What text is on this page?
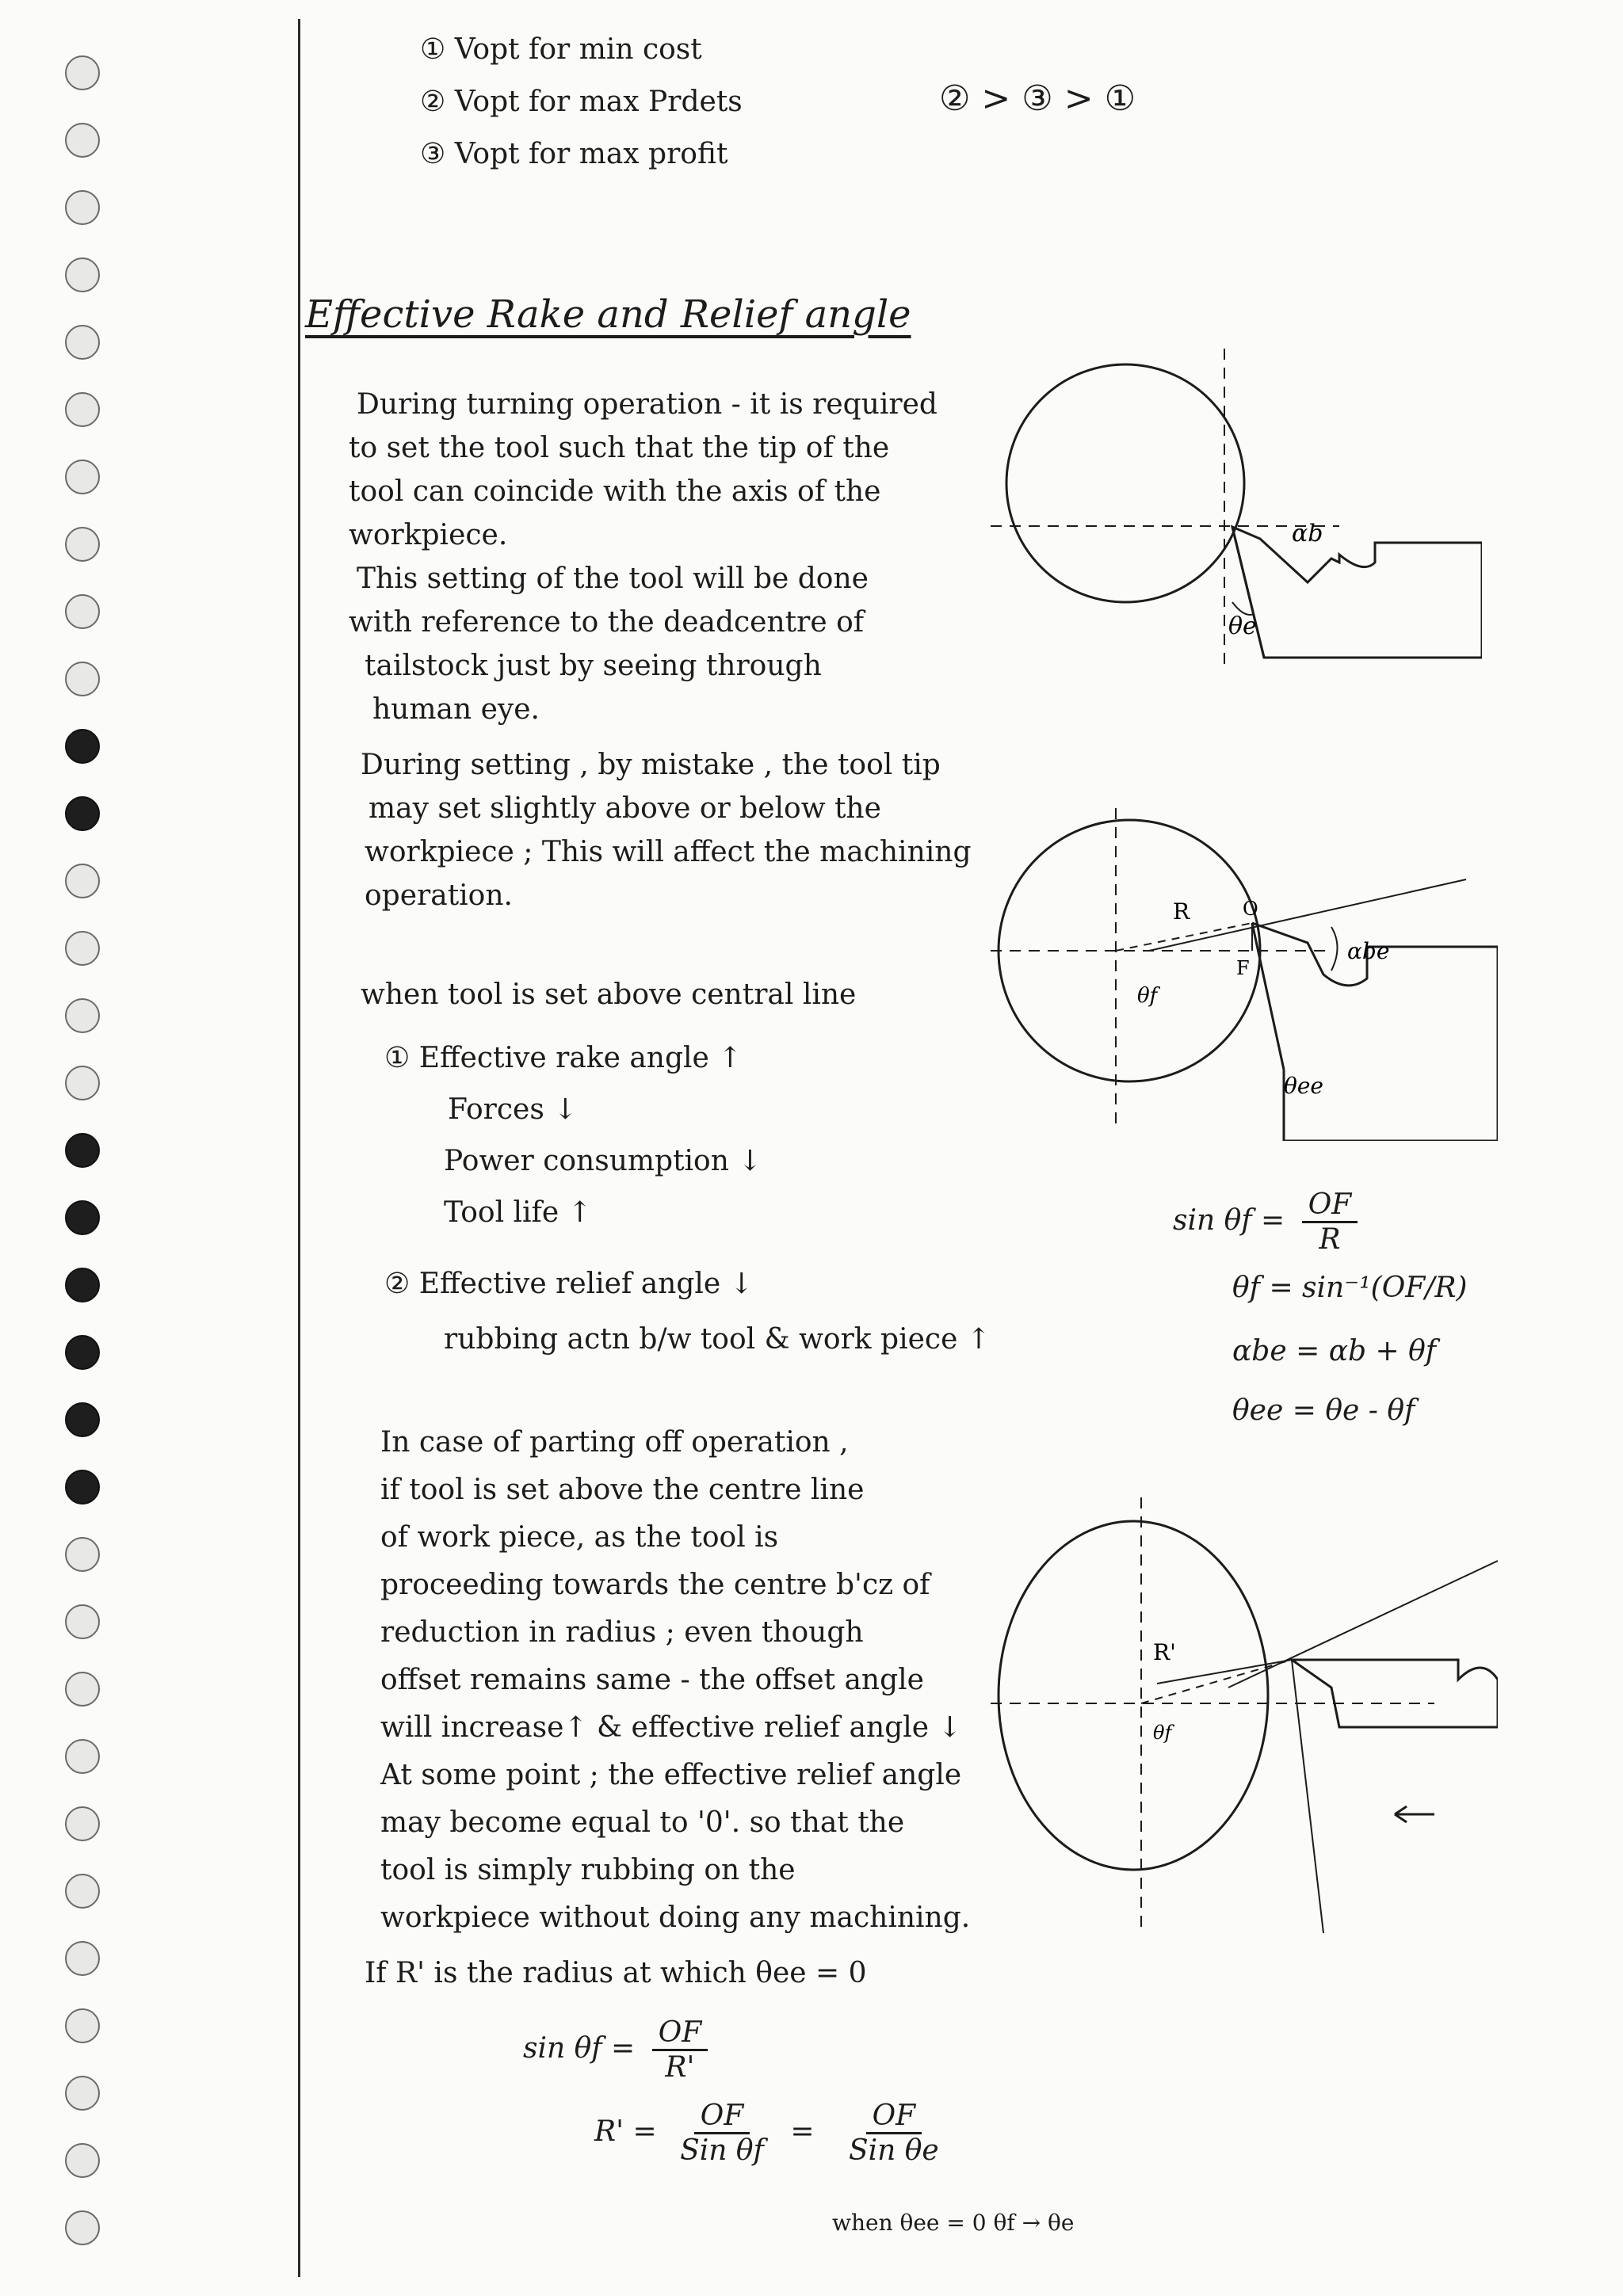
① Vopt for min cost
② Vopt for max Prdets
③ Vopt for max profit
② > ③ > ①
Effective Rake and Relief angle
During turning operation - it is required
to set the tool such that the tip of the
tool can coincide with the axis of the
workpiece.
This setting of the tool will be done
with reference to the deadcentre of
tailstock just by seeing through
human eye.
During setting , by mistake , the tool tip
may set slightly above or below the
workpiece ; This will affect the machining
operation.
when tool is set above central line
① Effective rake angle ↑
Forces ↓
Power consumption ↓
Tool life ↑
② Effective relief angle ↓
rubbing actn b/w tool & work piece ↑
In case of parting off operation ,
if tool is set above the centre line
of work piece, as the tool is
proceeding towards the centre b'cz of
reduction in radius ; even though
offset remains same - the offset angle
will increase↑ & effective relief angle ↓
At some point ; the effective relief angle
may become equal to '0'. so that the
tool is simply rubbing on the
workpiece without doing any machining.
If R' is the radius at which θee = 0
$\sin \theta f = \frac{OF}{R'}$
$R' = \frac{OF}{\text{Sin θf}} = \frac{OF}{\text{Sin θe}}$
when θee = 0 θf → θe
$\sin \theta f = \frac{OF}{R}$
θf = sin⁻¹(OF/R)
αbe = αb + θf
θee = θe - θf
αb
θe
R	O
F
θf
αbe
θee
R'
θf
